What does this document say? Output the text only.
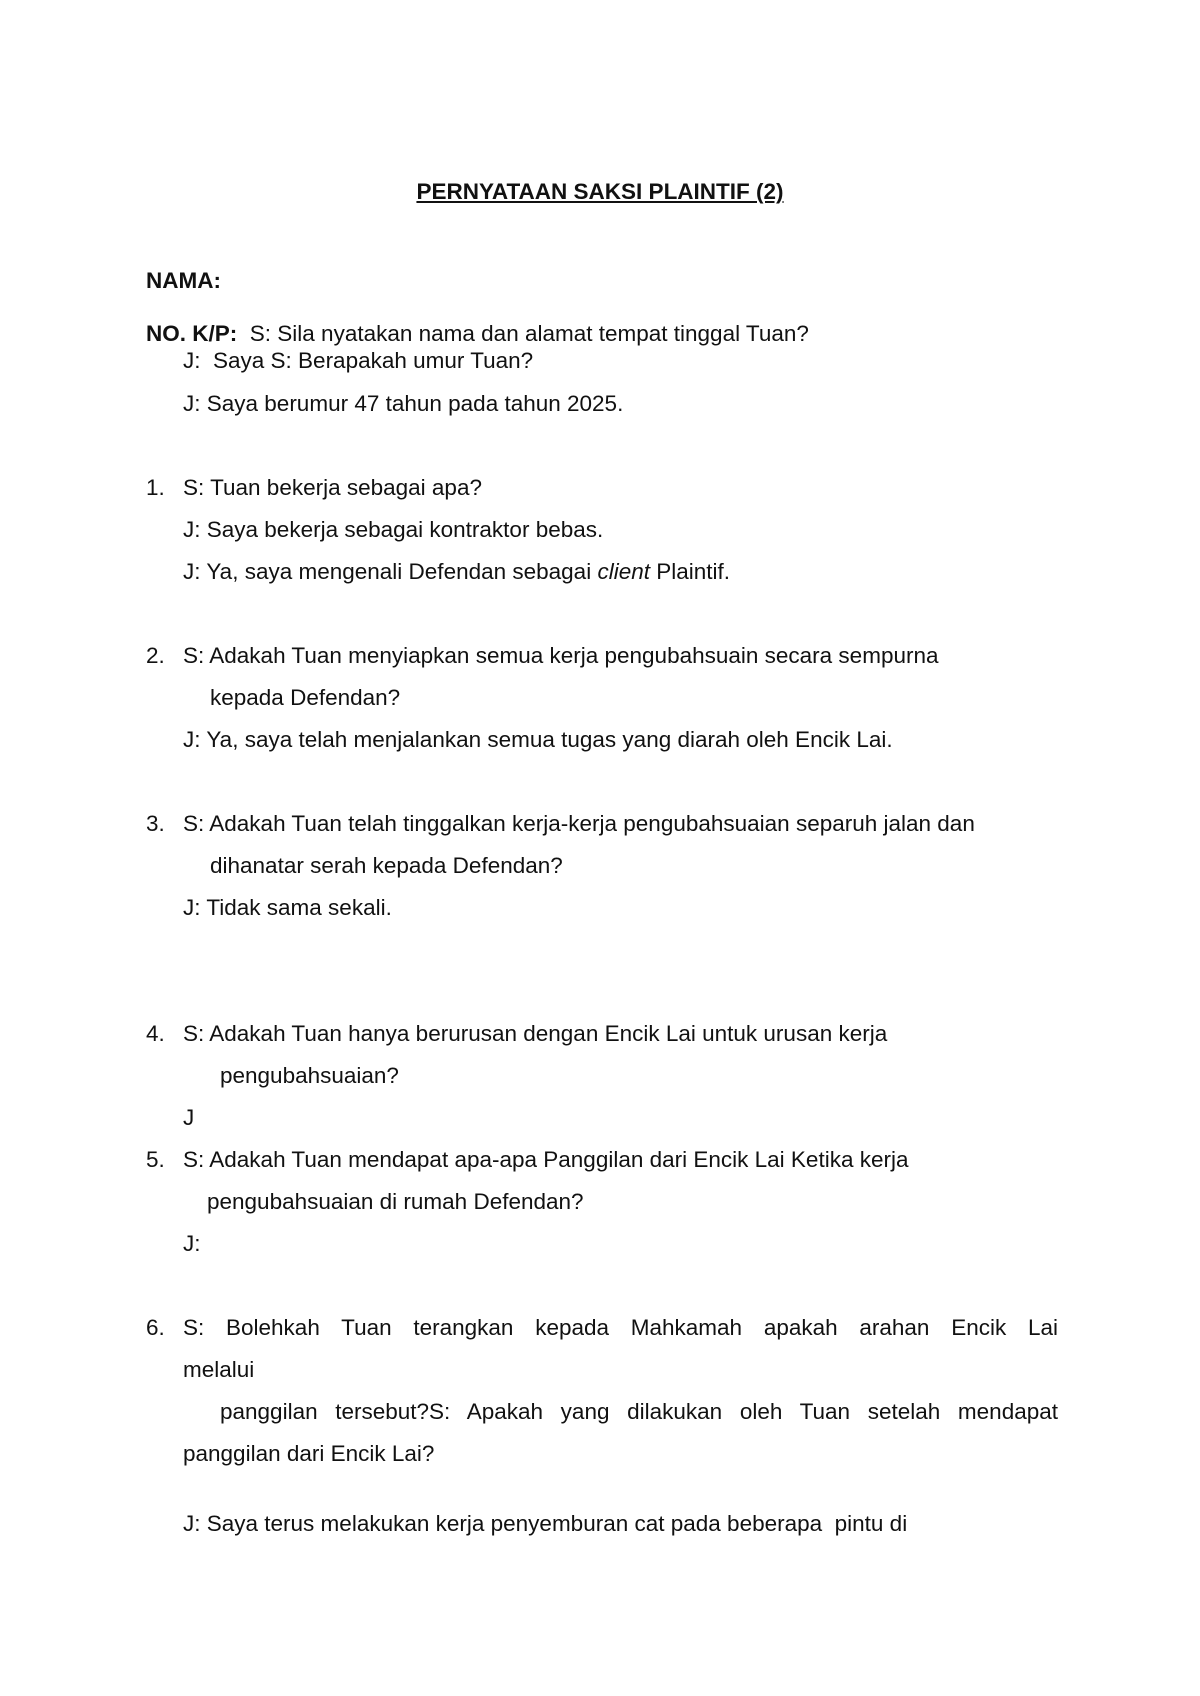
PERNYATAAN SAKSI PLAINTIF (2)
NAMA:
NO. K/P: S: Sila nyatakan nama dan alamat tempat tinggal Tuan?
J:  Saya S: Berapakah umur Tuan?
J: Saya berumur 47 tahun pada tahun 2025.
1. S: Tuan bekerja sebagai apa?
J: Saya bekerja sebagai kontraktor bebas.
J: Ya, saya mengenali Defendan sebagai client Plaintif.
2. S: Adakah Tuan menyiapkan semua kerja pengubahsuain secara sempurna
kepada Defendan?
J: Ya, saya telah menjalankan semua tugas yang diarah oleh Encik Lai.
3. S: Adakah Tuan telah tinggalkan kerja-kerja pengubahsuaian separuh jalan dan
dihanatar serah kepada Defendan?
J: Tidak sama sekali.
4. S: Adakah Tuan hanya berurusan dengan Encik Lai untuk urusan kerja
pengubahsuaian?
J
5. S: Adakah Tuan mendapat apa-apa Panggilan dari Encik Lai Ketika kerja
pengubahsuaian di rumah Defendan?
J:
6. S: Bolehkah Tuan terangkan kepada Mahkamah apakah arahan Encik Lai
melalui
panggilan tersebut?S: Apakah yang dilakukan oleh Tuan setelah mendapat
panggilan dari Encik Lai?
J: Saya terus melakukan kerja penyemburan cat pada beberapa  pintu di
